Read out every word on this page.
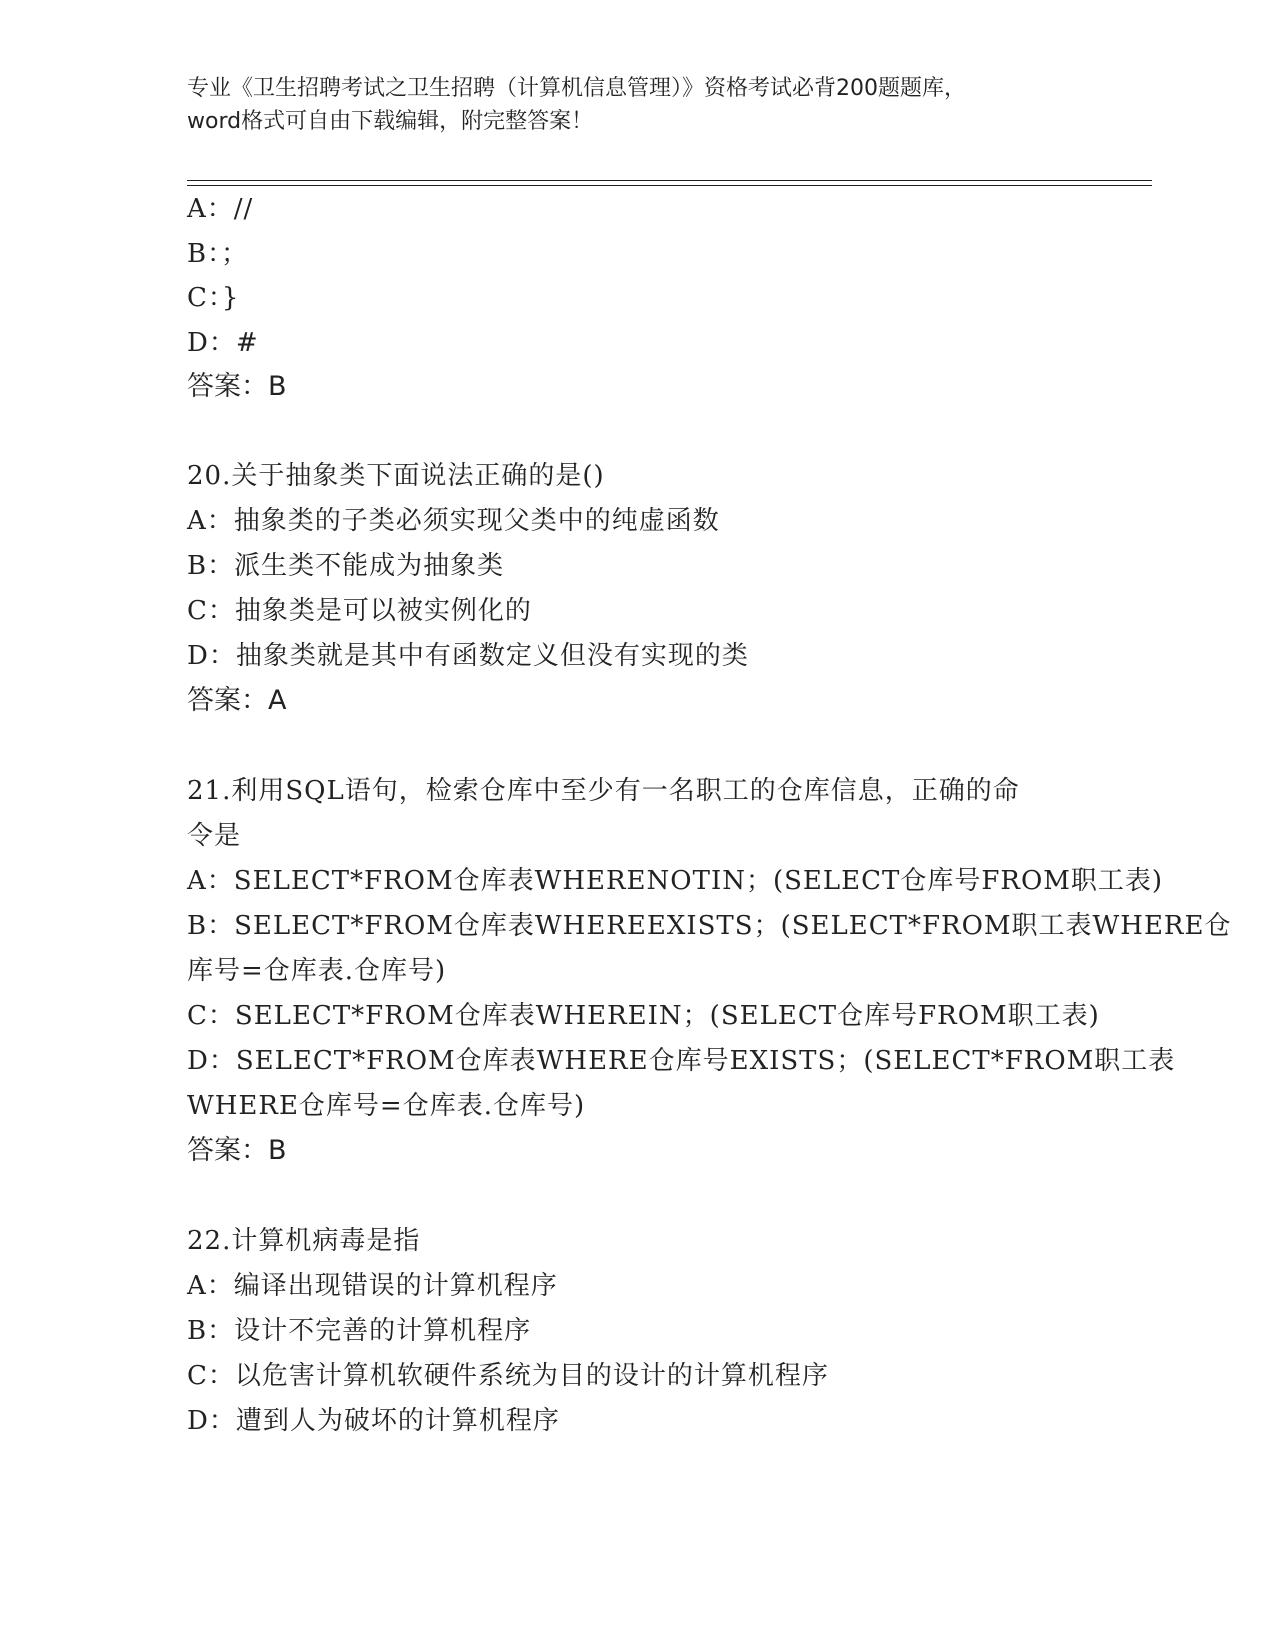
专业《卫生招聘考试之卫生招聘（计算机信息管理）》资格考试必背200题题库，
word格式可自由下载编辑，附完整答案！
A：//
B：；
C：}
D：#
答案：B
20.关于抽象类下面说法正确的是()
A：抽象类的子类必须实现父类中的纯虚函数
B：派生类不能成为抽象类
C：抽象类是可以被实例化的
D：抽象类就是其中有函数定义但没有实现的类
答案：A
21.利用SQL语句，检索仓库中至少有一名职工的仓库信息，正确的命
令是
A：SELECT*FROM仓库表WHERENOTIN；(SELECT仓库号FROM职工表)
B：SELECT*FROM仓库表WHEREEXISTS；(SELECT*FROM职工表WHERE仓
库号=仓库表.仓库号)
C：SELECT*FROM仓库表WHEREIN；(SELECT仓库号FROM职工表)
D：SELECT*FROM仓库表WHERE仓库号EXISTS；(SELECT*FROM职工表
WHERE仓库号=仓库表.仓库号)
答案：B
22.计算机病毒是指
A：编译出现错误的计算机程序
B：设计不完善的计算机程序
C：以危害计算机软硬件系统为目的设计的计算机程序
D：遭到人为破坏的计算机程序
